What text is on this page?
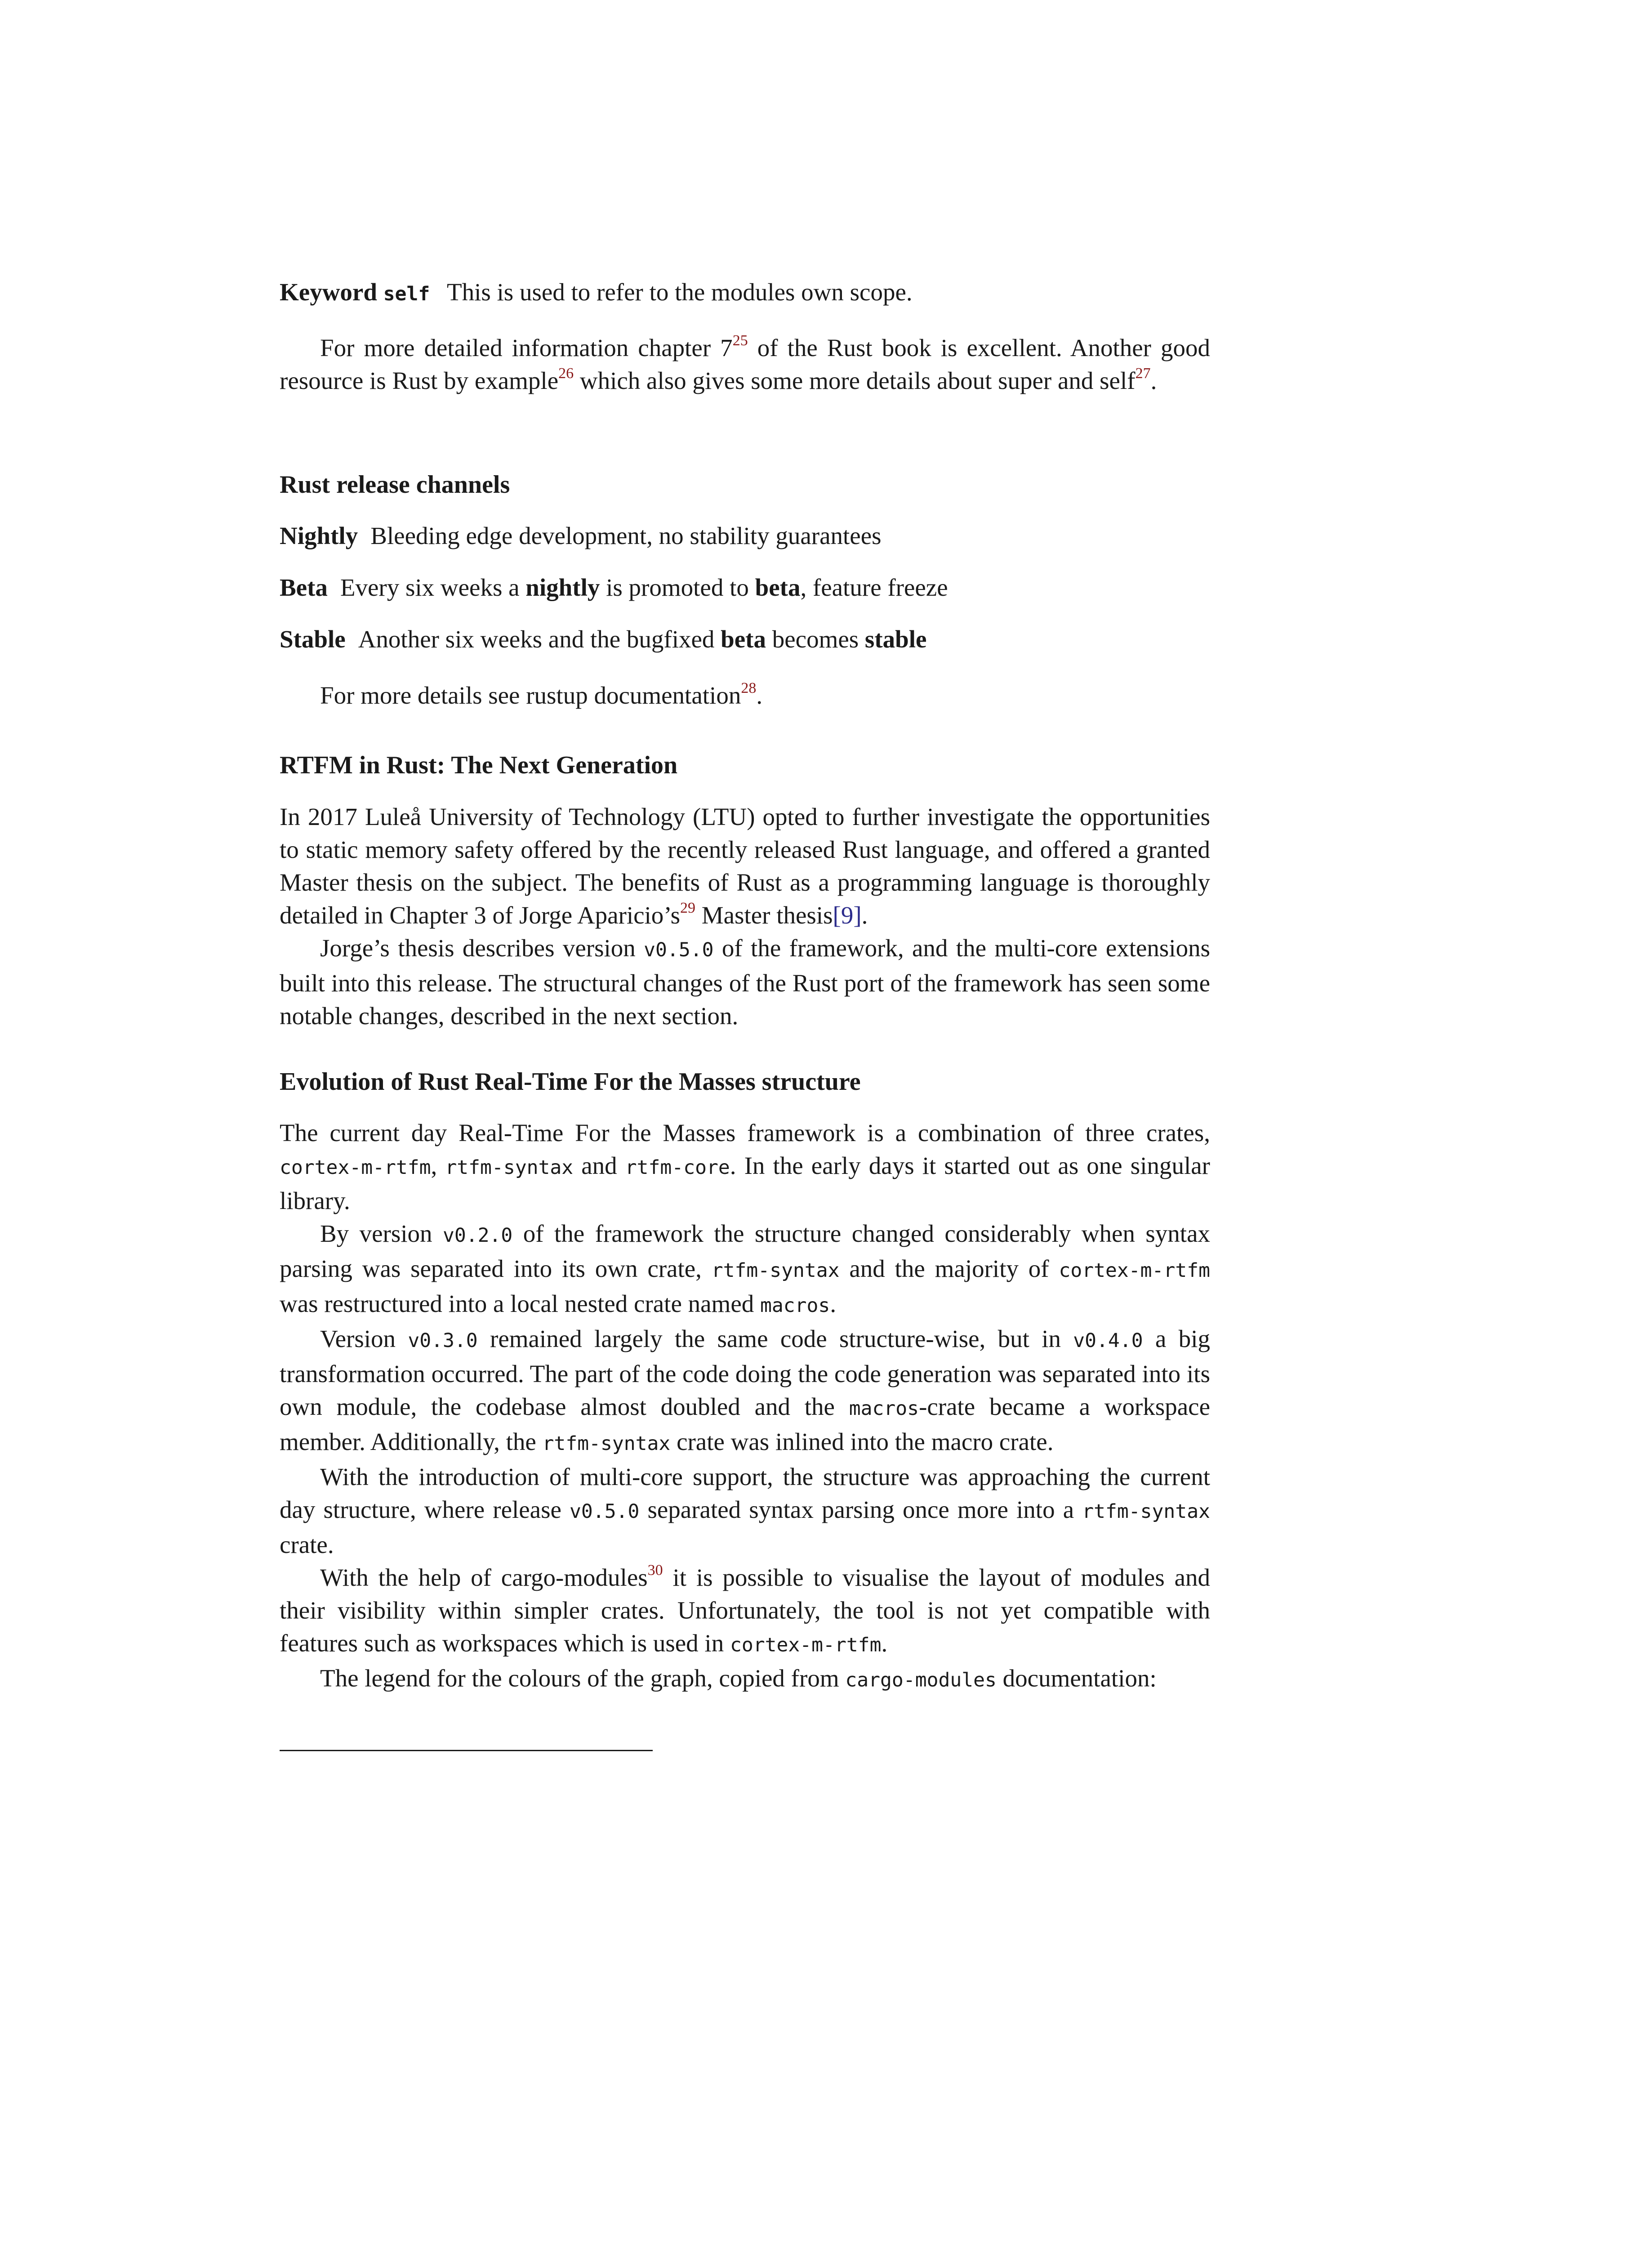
Keyword self This is used to refer to the modules own scope.

For more detailed information chapter $7^{25}$ of the Rust book is excellent. Another good resource is Rust by example$^{26}$ which also gives some more details about super and self$^{27}$.

Rust release channels

Nightly Bleeding edge development, no stability guarantees

Beta Every six weeks a nightly is promoted to beta, feature freeze

Stable Another six weeks and the bugfixed beta becomes stable

For more details see rustup documentation$^{28}$.

RTFM in Rust: The Next Generation

In 2017 Luleå University of Technology (LTU) opted to further investigate the opportunities to static memory safety offered by the recently released Rust language, and offered a granted Master thesis on the subject. The benefits of Rust as a programming language is thoroughly detailed in Chapter 3 of Jorge $Aparicio’s^{29}$ Master thesis[9].

Jorge’s thesis describes version v0.5.0 of the framework, and the multi-core extensions built into this release. The structural changes of the Rust port of the framework has seen some notable changes, described in the next section.

Evolution of Rust Real-Time For the Masses structure

The current day Real-Time For the Masses framework is a combination of three crates, cortex-m-rtfm, rtfm-syntax and rtfm-core. In the early days it started out as one singular library.

By version v0.2.0 of the framework the structure changed considerably when syntax parsing was separated into its own crate, rtfm-syntax and the majority of cortex-m-rtfm was restructured into a local nested crate named macros.

Version v0.3.0 remained largely the same code structure-wise, but in v0.4.0 a big transformation occurred. The part of the code doing the code generation was separated into its own module, the codebase almost doubled and the macros-crate became a workspace member. Additionally, the rtfm-syntax crate was inlined into the macro crate.

With the introduction of multi-core support, the structure was approaching the current day structure, where release v0.5.0 separated syntax parsing once more into a rtfm-syntax crate.

With the help of cargo-modules$^{30}$ it is possible to visualise the layout of modules and their visibility within simpler crates. Unfortunately, the tool is not yet compatible with features such as workspaces which is used in cortex-m-rtfm.

The legend for the colours of the graph, copied from cargo-modules documentation:
